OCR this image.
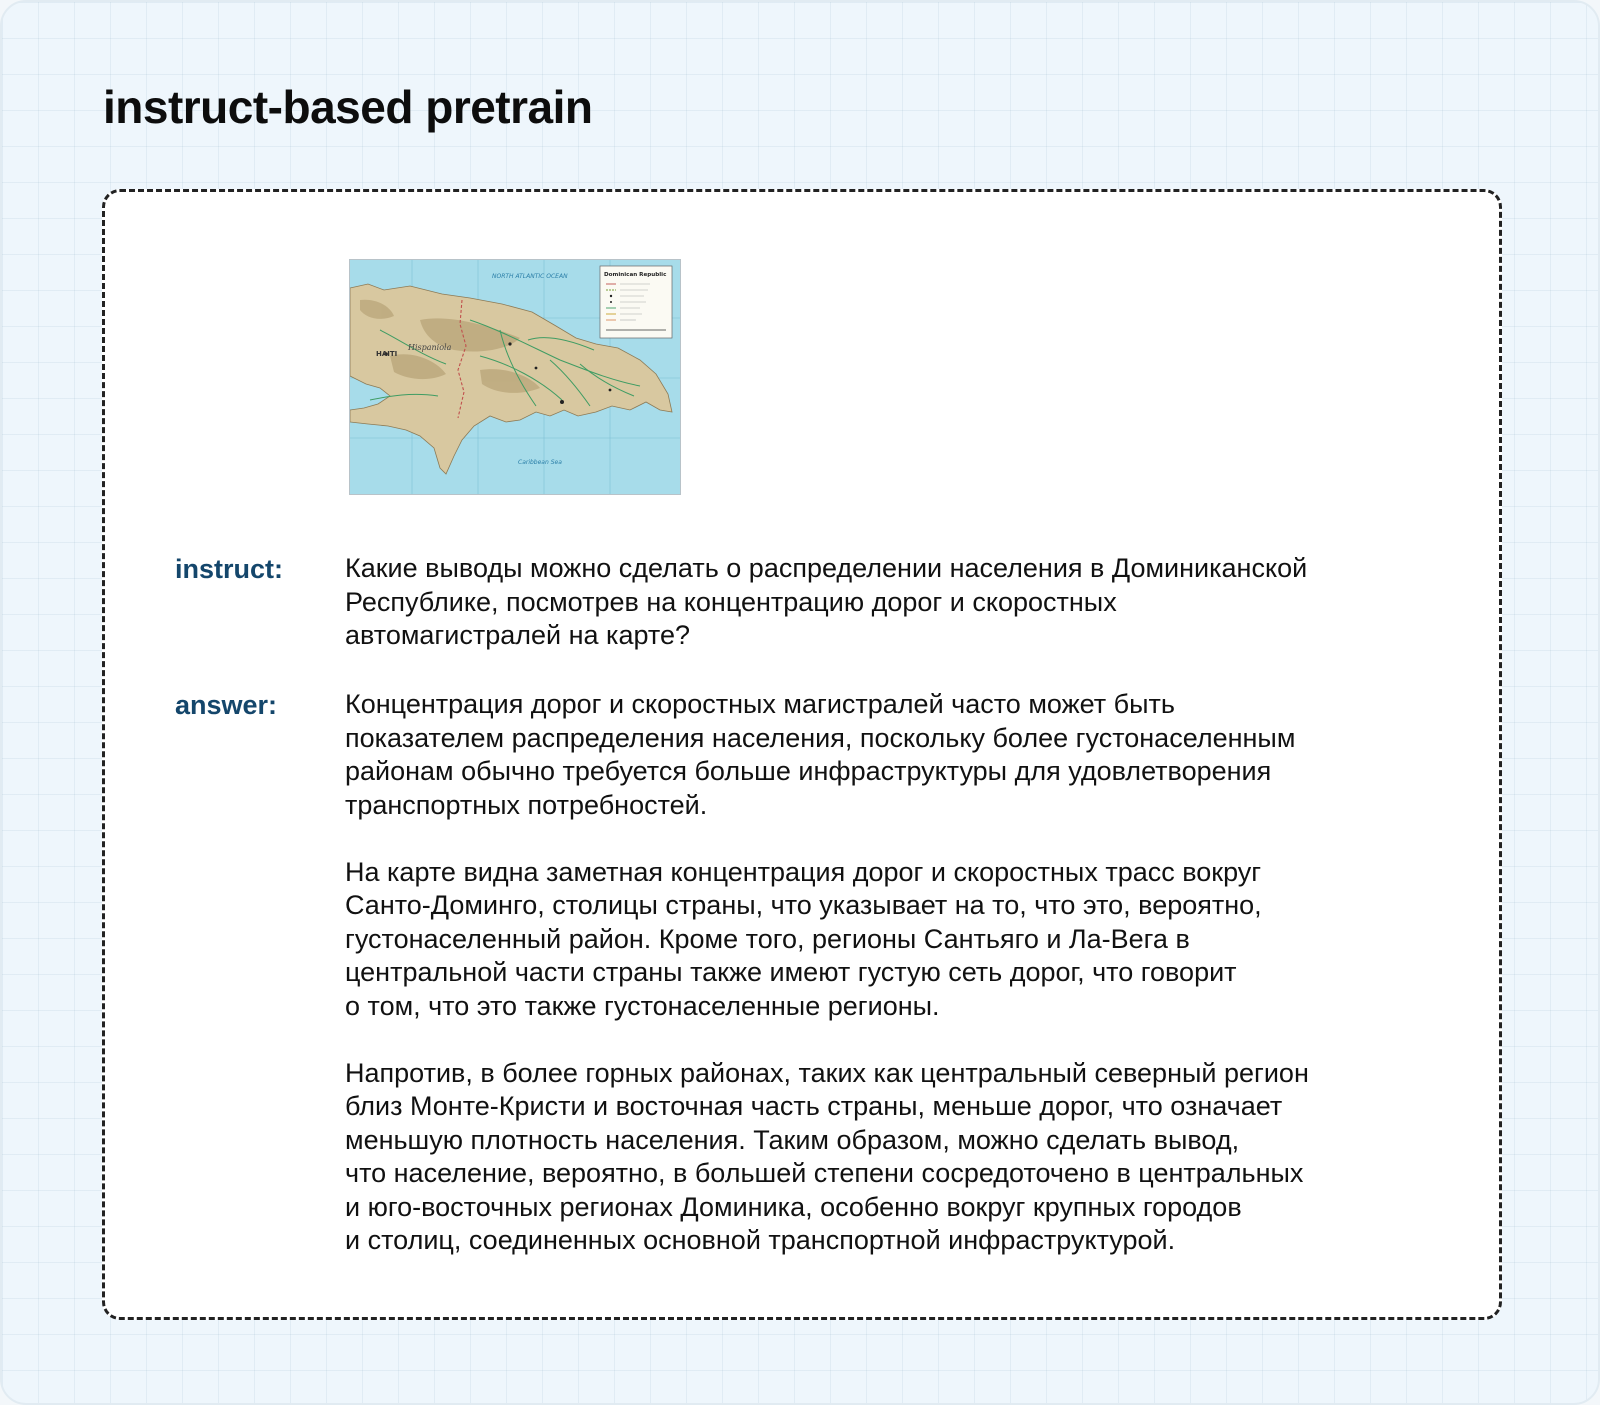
instruct-based pretrain
NORTH ATLANTIC OCEAN
Caribbean Sea
HAITI
Hispaniola
Dominican Republic
instruct:	Какие выводы можно сделать о распределении населения в Доминиканской
Республике, посмотрев на концентрацию дорог и скоростных
автомагистралей на карте?

answer:	Концентрация дорог и скоростных магистралей часто может быть
показателем распределения населения, поскольку более густонаселенным
районам обычно требуется больше инфраструктуры для удовлетворения
транспортных потребностей.

На карте видна заметная концентрация дорог и скоростных трасс вокруг
Санто-Доминго, столицы страны, что указывает на то, что это, вероятно,
густонаселенный район. Кроме того, регионы Сантьяго и Ла-Вега в
центральной части страны также имеют густую сеть дорог, что говорит
о том, что это также густонаселенные регионы.

Напротив, в более горных районах, таких как центральный северный регион
близ Монте-Кристи и восточная часть страны, меньше дорог, что означает
меньшую плотность населения. Таким образом, можно сделать вывод,
что население, вероятно, в большей степени сосредоточено в центральных
и юго-восточных регионах Доминика, особенно вокруг крупных городов
и столиц, соединенных основной транспортной инфраструктурой.
